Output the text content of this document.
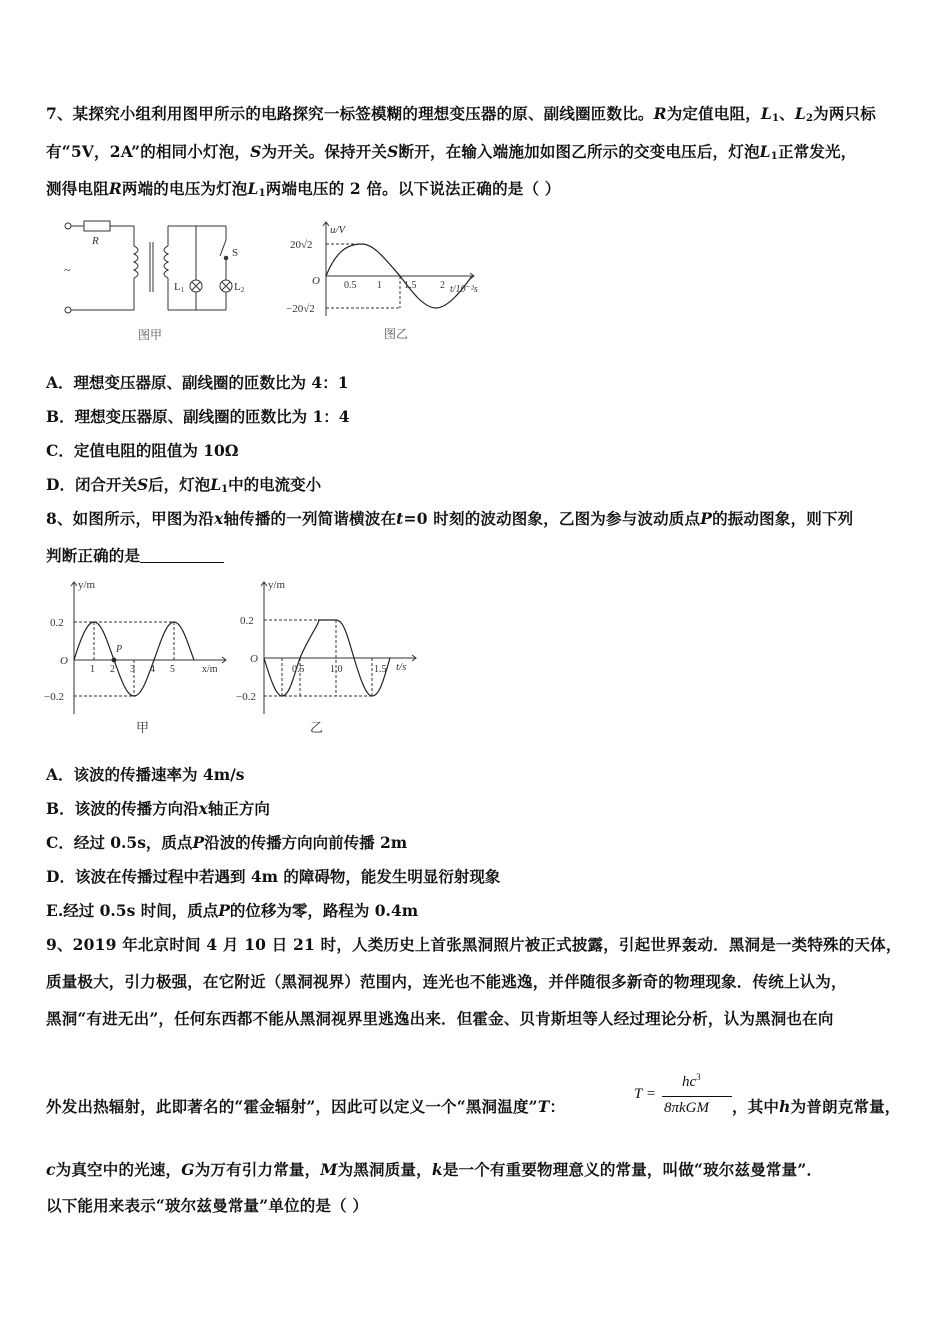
7、某探究小组利用图甲所示的电路探究一标签模糊的理想变压器的原、副线圈匝数比。R为定值电阻，$L_1$、$L_2$为两只标
有“5V，2A”的相同小灯泡，S为开关。保持开关S断开，在输入端施加如图乙所示的交变电压后，灯泡$L_1$正常发光，
测得电阻R两端的电压为灯泡$L_1$两端电压的 2 倍。以下说法正确的是（ ）
R
~
S
L1	L2
图甲
u/V
20√2
O
−20√2
0.5 1 1.5 2 t/10⁻²s
图乙
A．理想变压器原、副线圈的匝数比为 4：1
B．理想变压器原、副线圈的匝数比为 1：4
C．定值电阻的阻值为 10Ω
D．闭合开关S后，灯泡$L_1$中的电流变小
8、如图所示，甲图为沿x轴传播的一列简谐横波在t=0 时刻的波动图象，乙图为参与波动质点P的振动图象，则下列
判断正确的是
y/m
0.2
O
−0.2
P
1 2 3 4 5	x/m
甲
y/m
0.2
O
−0.2
0.5	1.0	1.5 t/s
乙
A．该波的传播速率为 4m/s
B．该波的传播方向沿x轴正方向
C．经过 0.5s，质点P沿波的传播方向向前传播 2m
D．该波在传播过程中若遇到 4m 的障碍物，能发生明显衍射现象
E.经过 0.5s 时间，质点P的位移为零，路程为 0.4m
9、2019 年北京时间 4 月 10 日 21 时，人类历史上首张黑洞照片被正式披露，引起世界轰动．黑洞是一类特殊的天体，
质量极大，引力极强，在它附近（黑洞视界）范围内，连光也不能逃逸，并伴随很多新奇的物理现象．传统上认为，
黑洞“有进无出”，任何东西都不能从黑洞视界里逃逸出来．但霍金、贝肯斯坦等人经过理论分析，认为黑洞也在向
外发出热辐射，此即著名的“霍金辐射”，因此可以定义一个“黑洞温度”T：
T =
$hc^3$
8πkGM ，其中h为普朗克常量，
c为真空中的光速，G为万有引力常量，M为黑洞质量，k是一个有重要物理意义的常量，叫做“玻尔兹曼常量”．
以下能用来表示“玻尔兹曼常量”单位的是（ ）
